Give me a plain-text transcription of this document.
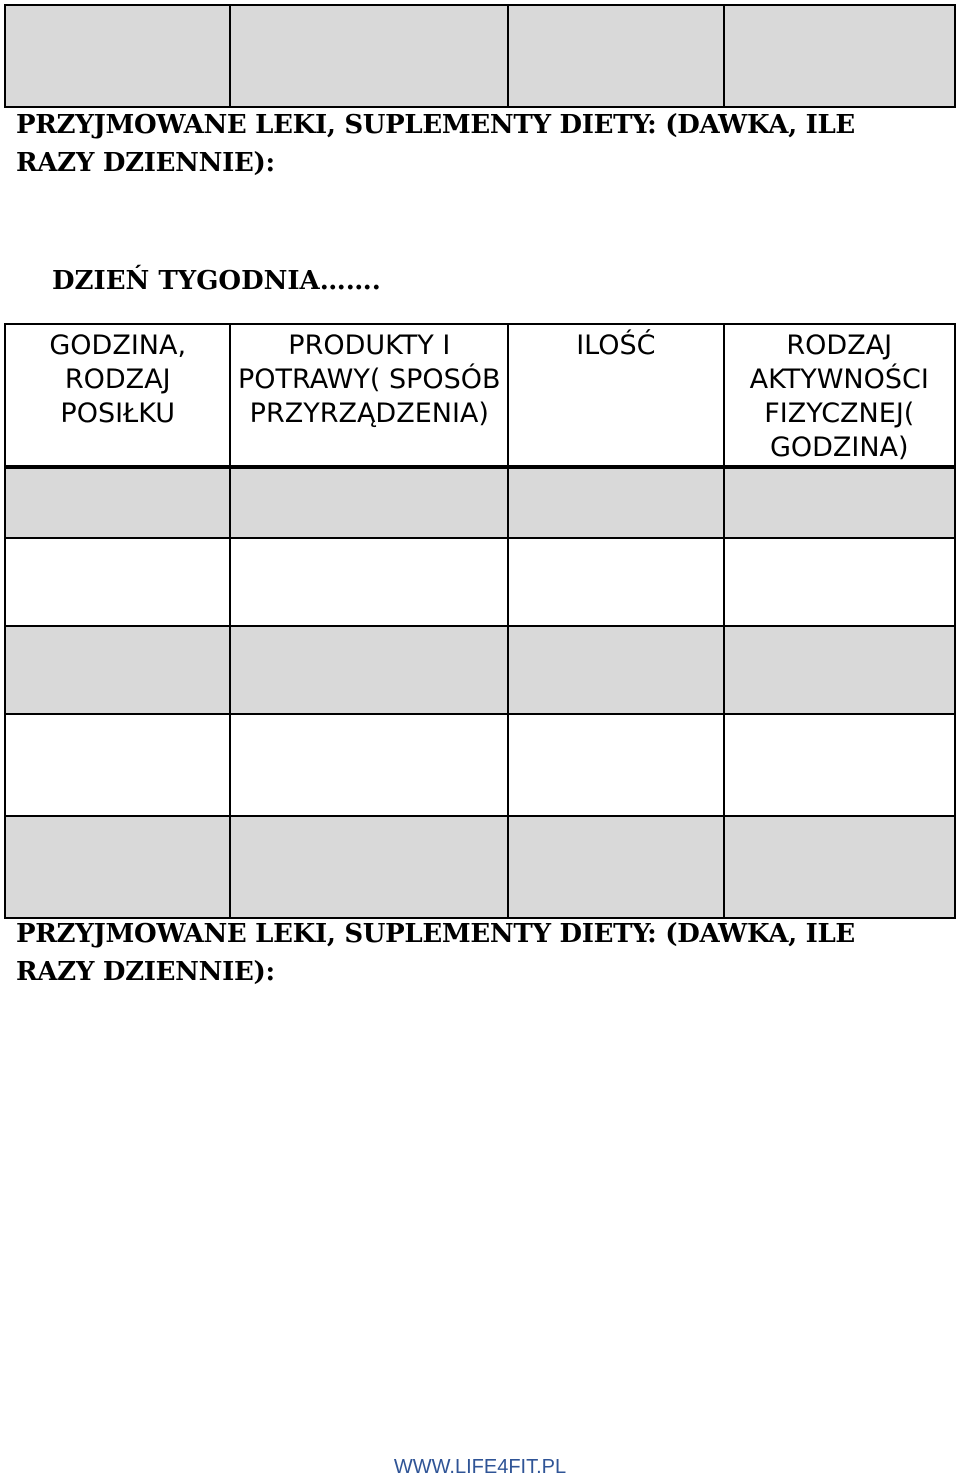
PRZYJMOWANE LEKI, SUPLEMENTY DIETY: (DAWKA, ILE RAZY DZIENNIE):
DZIEŃ TYGODNIA…….
GODZINA, RODZAJ POSIŁKU	PRODUKTY I POTRAWY( SPOSÓB PRZYRZĄDZENIA)	ILOŚĆ	RODZAJ AKTYWNOŚCI FIZYCZNEJ( GODZINA)

PRZYJMOWANE LEKI, SUPLEMENTY DIETY: (DAWKA, ILE RAZY DZIENNIE):
WWW.LIFE4FIT.PL
